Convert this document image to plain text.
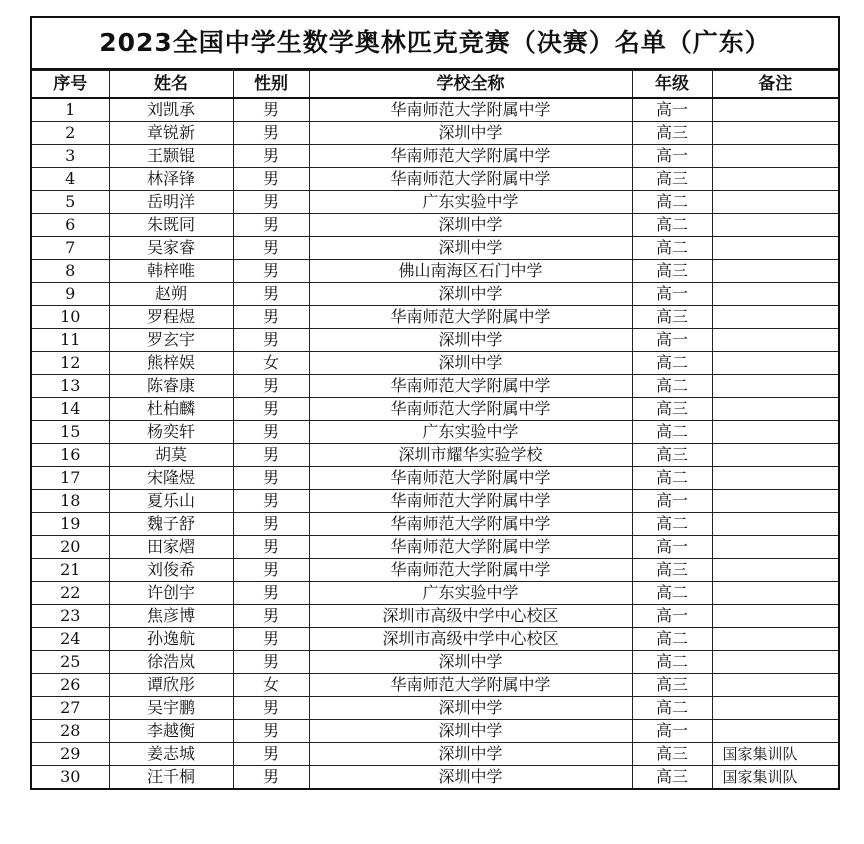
2023全国中学生数学奥林匹克竞赛（决赛）名单（广东）
序号	姓名	性别	学校全称	年级	备注
1	刘凯承	男	华南师范大学附属中学	高一	
2	章锐新	男	深圳中学	高三	
3	王颢锟	男	华南师范大学附属中学	高一	
4	林泽锋	男	华南师范大学附属中学	高三	
5	岳明洋	男	广东实验中学	高二	
6	朱既同	男	深圳中学	高二	
7	吴家睿	男	深圳中学	高二	
8	韩梓唯	男	佛山南海区石门中学	高三	
9	赵朔	男	深圳中学	高一	
10	罗程煜	男	华南师范大学附属中学	高三	
11	罗玄宇	男	深圳中学	高一	
12	熊梓娱	女	深圳中学	高二	
13	陈睿康	男	华南师范大学附属中学	高二	
14	杜柏麟	男	华南师范大学附属中学	高三	
15	杨奕轩	男	广东实验中学	高二	
16	胡莫	男	深圳市耀华实验学校	高三	
17	宋隆煜	男	华南师范大学附属中学	高二	
18	夏乐山	男	华南师范大学附属中学	高一	
19	魏子舒	男	华南师范大学附属中学	高二	
20	田家熠	男	华南师范大学附属中学	高一	
21	刘俊希	男	华南师范大学附属中学	高三	
22	许创宇	男	广东实验中学	高二	
23	焦彦博	男	深圳市高级中学中心校区	高一	
24	孙逸航	男	深圳市高级中学中心校区	高二	
25	徐浩岚	男	深圳中学	高二	
26	谭欣彤	女	华南师范大学附属中学	高三	
27	吴宇鹏	男	深圳中学	高二	
28	李越衡	男	深圳中学	高一	
29	姜志城	男	深圳中学	高三	国家集训队
30	汪千桐	男	深圳中学	高三	国家集训队
